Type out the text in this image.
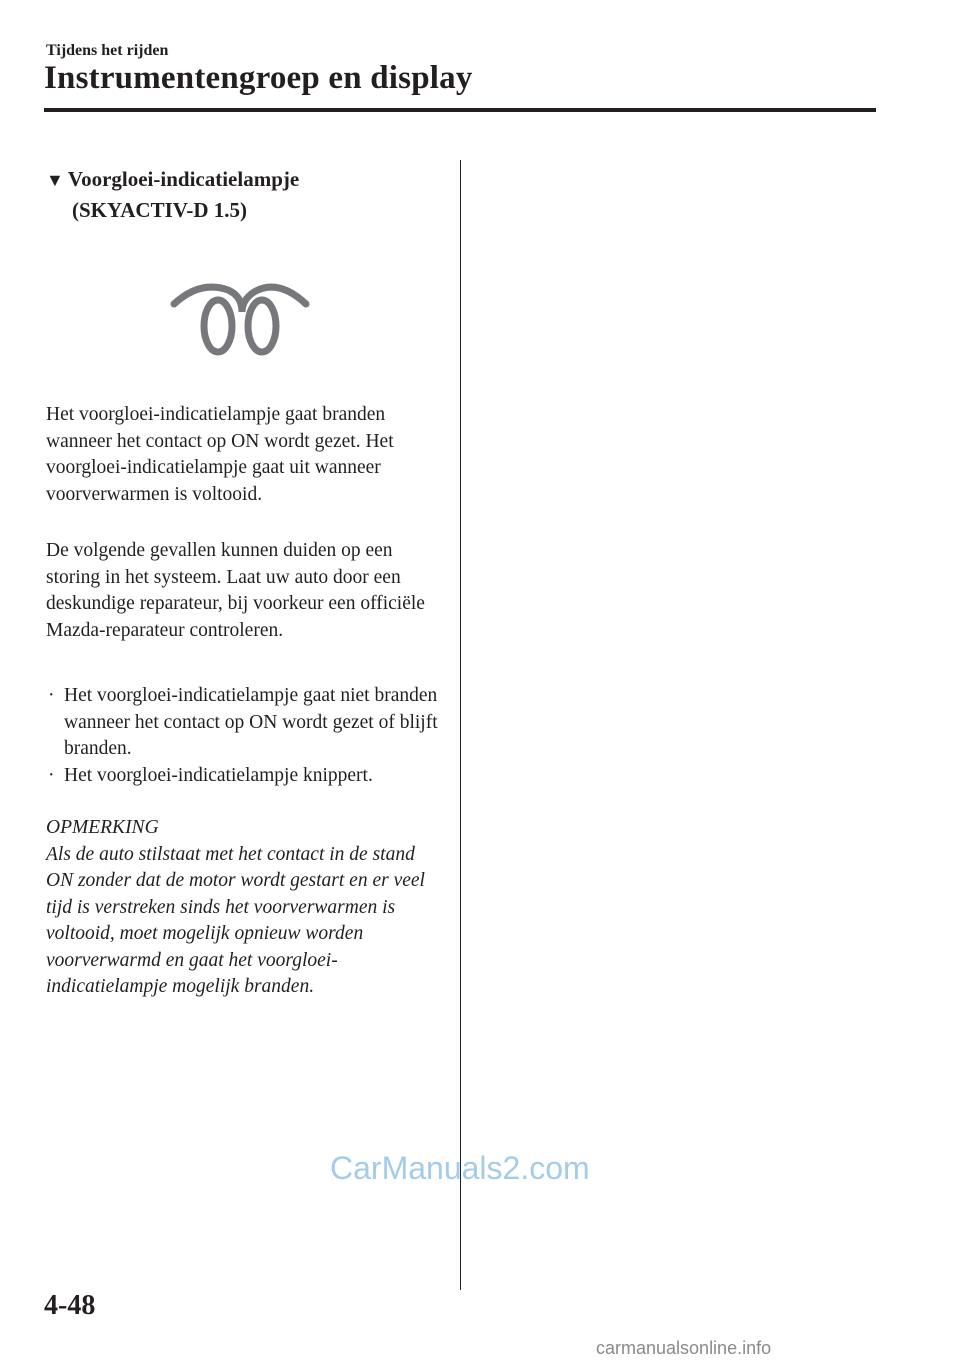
Tijdens het rijden
Instrumentengroep en display
▼ Voorgloei-indicatielampje
(SKYACTIV-D 1.5)
Het voorgloei-indicatielampje gaat branden wanneer het contact op ON wordt gezet. Het voorgloei-indicatielampje gaat uit wanneer voorverwarmen is voltooid.
De volgende gevallen kunnen duiden op een storing in het systeem. Laat uw auto door een deskundige reparateur, bij voorkeur een officiële Mazda-reparateur controleren.
· Het voorgloei-indicatielampje gaat niet branden wanneer het contact op ON wordt gezet of blijft branden.
· Het voorgloei-indicatielampje knippert.
OPMERKING
Als de auto stilstaat met het contact in de stand ON zonder dat de motor wordt gestart en er veel tijd is verstreken sinds het voorverwarmen is voltooid, moet mogelijk opnieuw worden voorverwarmd en gaat het voorgloei-indicatielampje mogelijk branden.
CarManuals2.com
4-48
carmanualsonline.info
